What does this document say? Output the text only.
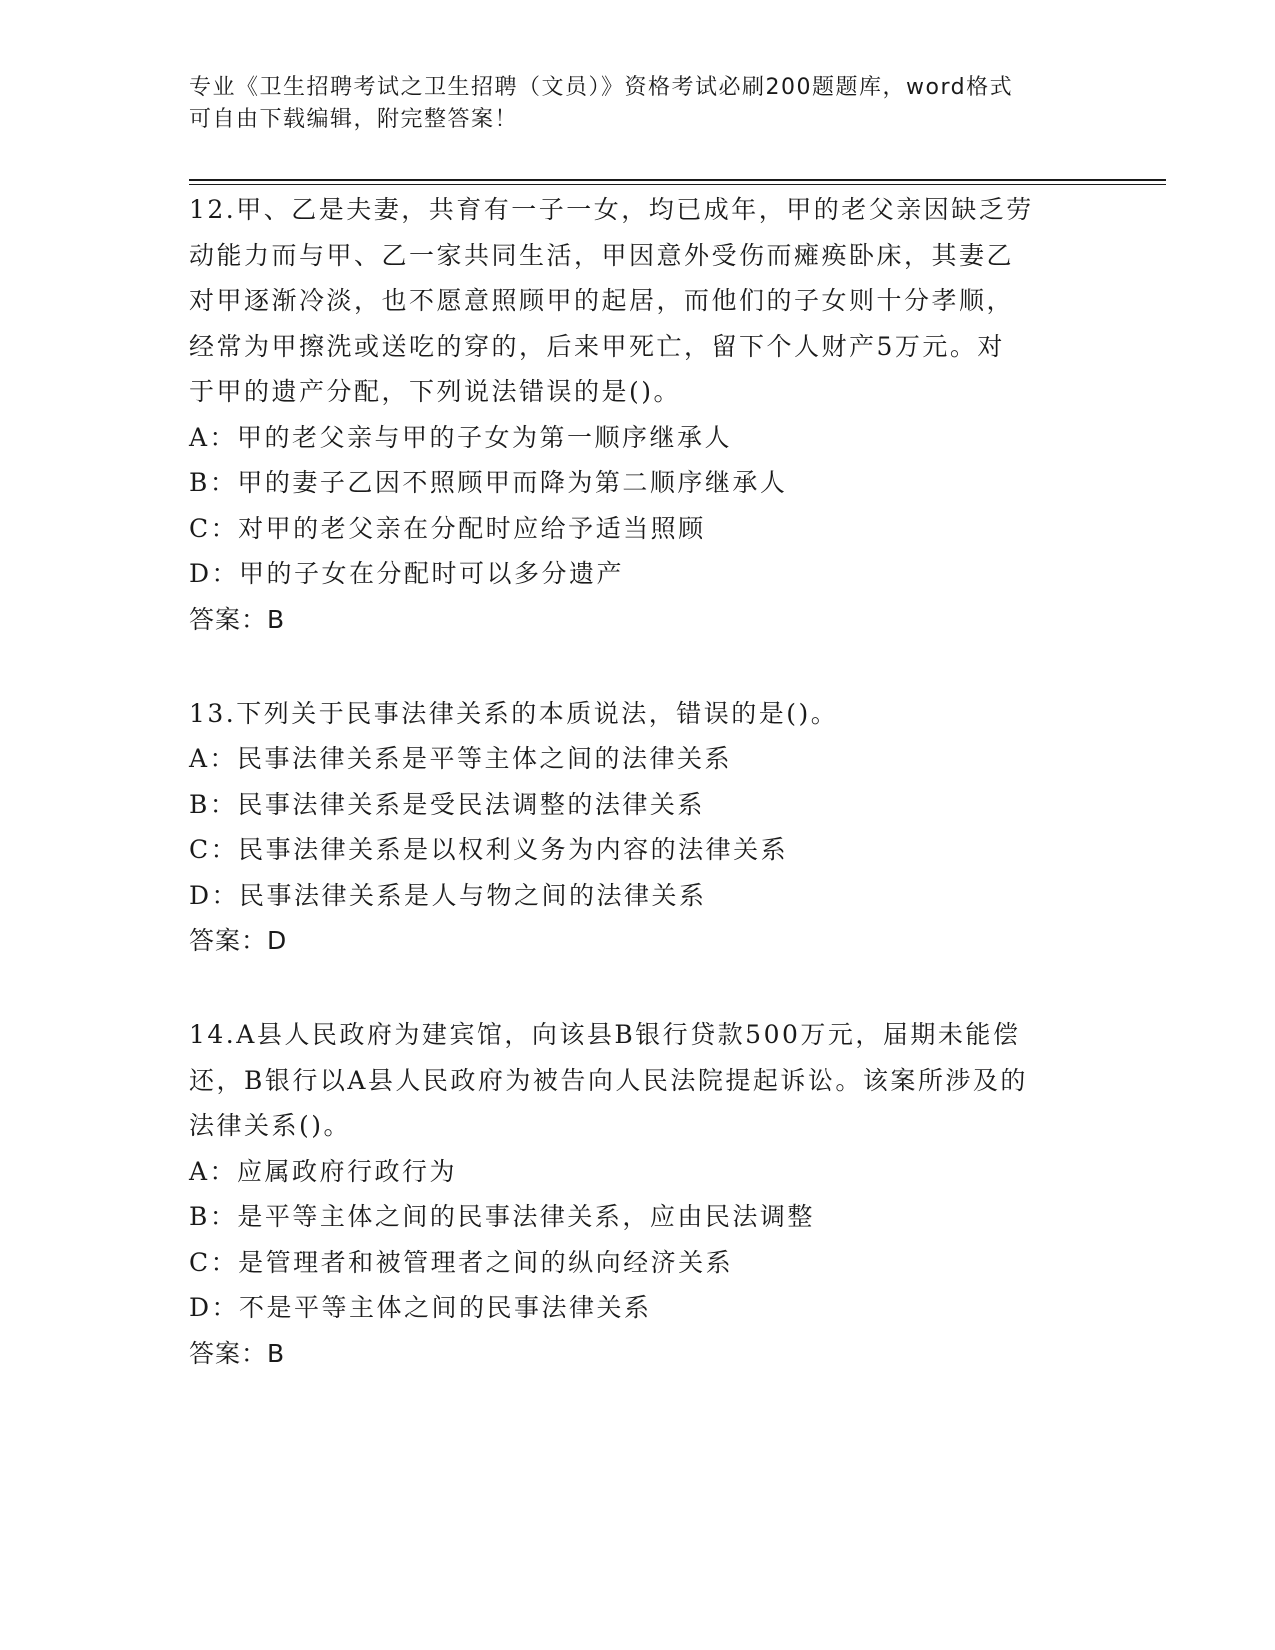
专业《卫生招聘考试之卫生招聘（文员）》资格考试必刷200题题库，word格式
可自由下载编辑，附完整答案！
12.甲、乙是夫妻，共育有一子一女，均已成年，甲的老父亲因缺乏劳
动能力而与甲、乙一家共同生活，甲因意外受伤而瘫痪卧床，其妻乙
对甲逐渐冷淡，也不愿意照顾甲的起居，而他们的子女则十分孝顺，
经常为甲擦洗或送吃的穿的，后来甲死亡，留下个人财产5万元。对
于甲的遗产分配，下列说法错误的是()。
A：甲的老父亲与甲的子女为第一顺序继承人
B：甲的妻子乙因不照顾甲而降为第二顺序继承人
C：对甲的老父亲在分配时应给予适当照顾
D：甲的子女在分配时可以多分遗产
答案：B
13.下列关于民事法律关系的本质说法，错误的是()。
A：民事法律关系是平等主体之间的法律关系
B：民事法律关系是受民法调整的法律关系
C：民事法律关系是以权利义务为内容的法律关系
D：民事法律关系是人与物之间的法律关系
答案：D
14.A县人民政府为建宾馆，向该县B银行贷款500万元，届期未能偿
还，B银行以A县人民政府为被告向人民法院提起诉讼。该案所涉及的
法律关系()。
A：应属政府行政行为
B：是平等主体之间的民事法律关系，应由民法调整
C：是管理者和被管理者之间的纵向经济关系
D：不是平等主体之间的民事法律关系
答案：B
